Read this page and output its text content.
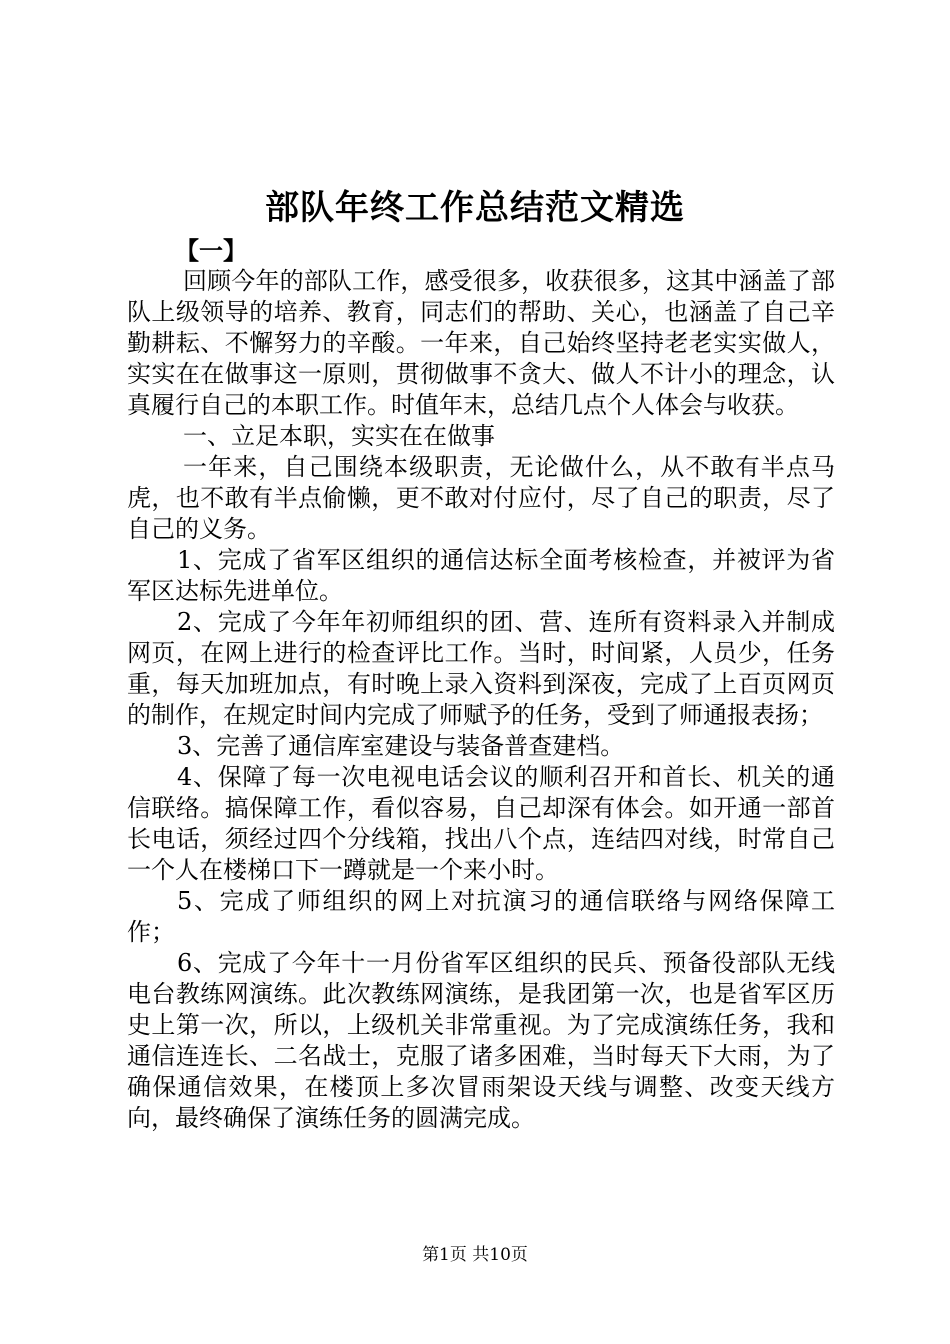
部队年终工作总结范文精选

【一】

回顾今年的部队工作，感受很多，收获很多，这其中涵盖了部队上级领导的培养、教育，同志们的帮助、关心，也涵盖了自己辛勤耕耘、不懈努力的辛酸。一年来，自己始终坚持老老实实做人，实实在在做事这一原则，贯彻做事不贪大、做人不计小的理念，认真履行自己的本职工作。时值年末，总结几点个人体会与收获。

一、立足本职，实实在在做事

一年来，自己围绕本级职责，无论做什么，从不敢有半点马虎，也不敢有半点偷懒，更不敢对付应付，尽了自己的职责，尽了自己的义务。

1、完成了省军区组织的通信达标全面考核检查，并被评为省军区达标先进单位。

2、完成了今年年初师组织的团、营、连所有资料录入并制成网页，在网上进行的检查评比工作。当时，时间紧，人员少，任务重，每天加班加点，有时晚上录入资料到深夜，完成了上百页网页的制作，在规定时间内完成了师赋予的任务，受到了师通报表扬；

3、完善了通信库室建设与装备普查建档。

4、保障了每一次电视电话会议的顺利召开和首长、机关的通信联络。搞保障工作，看似容易，自己却深有体会。如开通一部首长电话，须经过四个分线箱，找出八个点，连结四对线，时常自己一个人在楼梯口下一蹲就是一个来小时。

5、完成了师组织的网上对抗演习的通信联络与网络保障工作；

6、完成了今年十一月份省军区组织的民兵、预备役部队无线电台教练网演练。此次教练网演练，是我团第一次，也是省军区历史上第一次，所以，上级机关非常重视。为了完成演练任务，我和通信连连长、二名战士，克服了诸多困难，当时每天下大雨，为了确保通信效果，在楼顶上多次冒雨架设天线与调整、改变天线方向，最终确保了演练任务的圆满完成。

第1页 共10页
